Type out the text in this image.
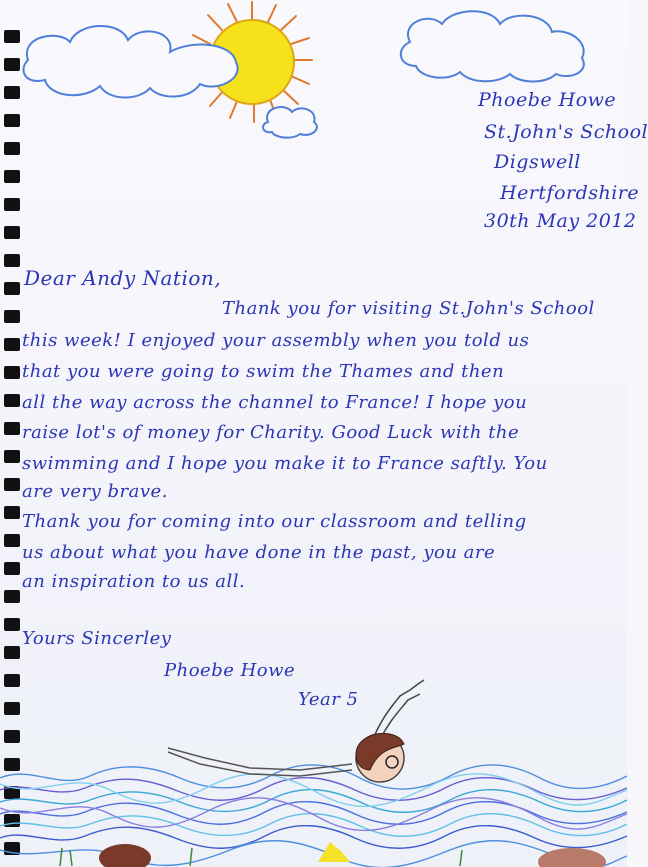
Phoebe Howe
St.John's School
Digswell
Hertfordshire
30th May 2012
Dear Andy Nation,
Thank you for visiting St.John's School
this week! I enjoyed your assembly when you told us
that you were going to swim the Thames and then
all the way across the channel to France! I hope you
raise lot's of money for Charity. Good Luck with the
swimming and I hope you make it to France saftly. You
are very brave.
Thank you for coming into our classroom and telling
us about what you have done in the past, you are
an inspiration to us all.
Yours Sincerley
Phoebe Howe
Year 5
